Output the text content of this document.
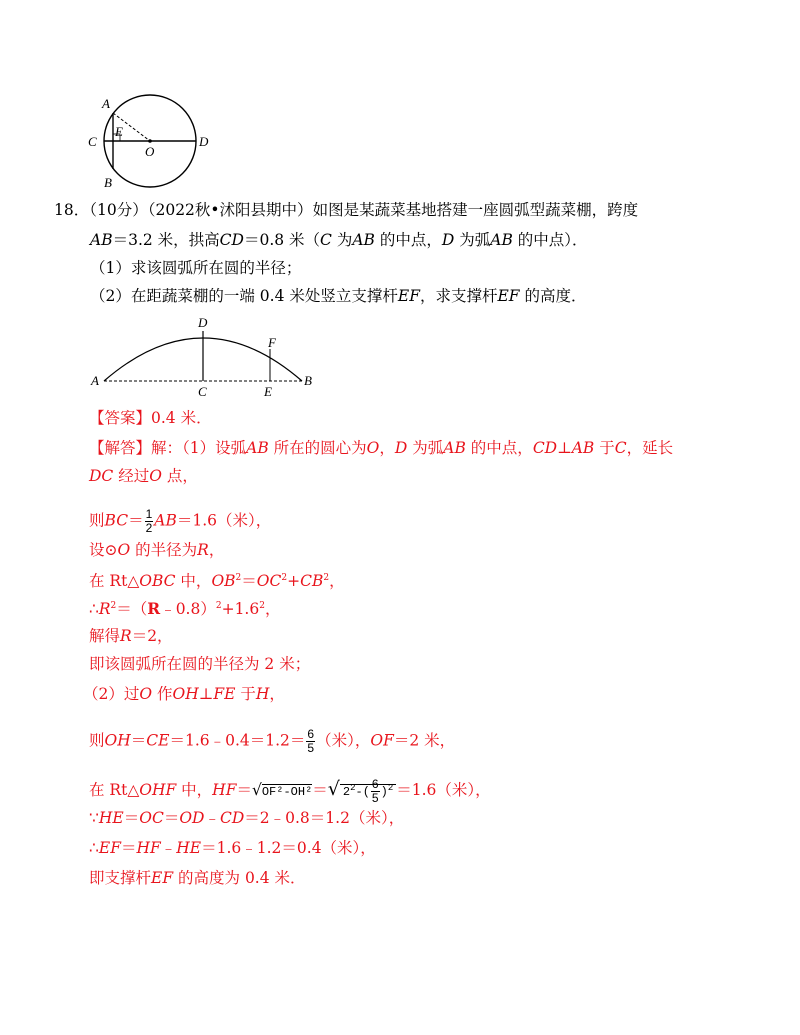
A
E
C
O
D
B
18．（10分）（2022秋•沭阳县期中）如图是某蔬菜基地搭建一座圆弧型蔬菜棚，跨度
AB＝3.2 米，拱高CD＝0.8 米（C 为AB 的中点，D 为弧AB 的中点）．
（1）求该圆弧所在圆的半径；
（2）在距蔬菜棚的一端 0.4 米处竖立支撑杆EF，求支撑杆EF 的高度．
A
D
F
C	E
B
【答案】0.4 米．
【解答】解：（1）设弧AB 所在的圆心为O，D 为弧AB 的中点，CD⊥AB 于C，延长
DC 经过O 点，
则$BC= \frac{1}{2} AB=1.6$（米），
设⊙O 的半径为R，
在 Rt△OBC 中，$OB^2=OC^2+CB^2$，
$\therefore R^2=(R﹣0.8)^2+1.6^2$，
解得R＝2，
即该圆弧所在圆的半径为 2 米；
（2）过O 作OH⊥FE 于H，
则OH＝CE＝1.6﹣0.4＝1.2＝ $\frac{6}{5}$ （米），OF＝2 米，
在 Rt△OHF 中，HF＝√OF²-OH²＝√ $2^2-( \frac{6}{5} )^2 =1.6$（米），
∵HE＝OC＝OD﹣CD＝2﹣0.8＝1.2（米），
∴EF＝HF﹣HE＝1.6﹣1.2＝0.4（米），
即支撑杆EF 的高度为 0.4 米．
